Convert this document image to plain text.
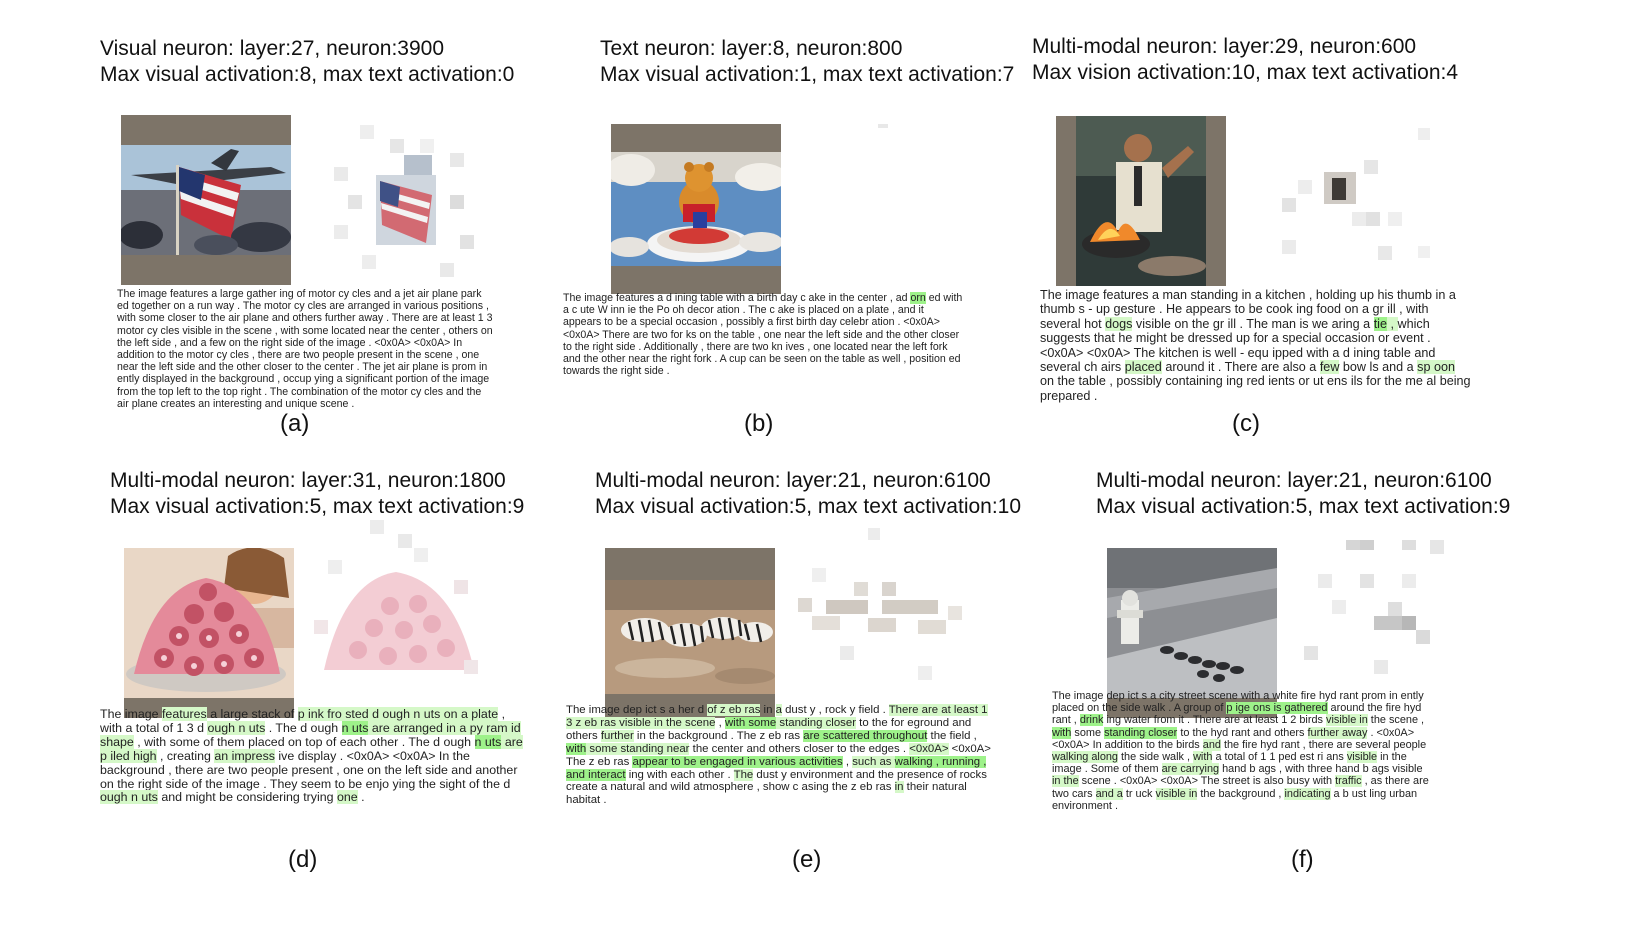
Visual neuron: layer:27, neuron:3900
Max visual activation:8, max text activation:0
The image features a large gather ing of motor cy cles and a jet air plane park ed together on a run way . The motor cy cles are arranged in various positions , with some closer to the air plane and others further away . There are at least 1 3 motor cy cles visible in the scene , with some located near the center , others on the left side , and a few on the right side of the image . <0x0A> <0x0A> In addition to the motor cy cles , there are two people present in the scene , one near the left side and the other closer to the center . The jet air plane is prom in ently displayed in the background , occup ying a significant portion of the image from the top left to the top right . The combination of the motor cy cles and the air plane creates an interesting and unique scene .
(a)
Text neuron: layer:8, neuron:800
Max visual activation:1, max text activation:7
The image features a d ining table with a birth day c ake in the center , ad orn ed with a c ute W inn ie the Po oh decor ation . The c ake is placed on a plate , and it appears to be a special occasion , possibly a first birth day celebr ation . <0x0A> <0x0A> There are two for ks on the table , one near the left side and the other closer to the right side . Additionally , there are two kn ives , one located near the left fork and the other near the right fork . A cup can be seen on the table as well , position ed towards the right side .
(b)
Multi-modal neuron: layer:29, neuron:600
Max vision activation:10, max text activation:4
The image features a man standing in a kitchen , holding up his thumb in a thumb s - up gesture . He appears to be cook ing food on a gr ill , with several hot dogs visible on the gr ill . The man is we aring a tie , which suggests that he might be dressed up for a special occasion or event . <0x0A> <0x0A> The kitchen is well - equ ipped with a d ining table and several ch airs placed around it . There are also a few bow ls and a sp oon on the table , possibly containing ing red ients or ut ens ils for the me al being prepared .
(c)
Multi-modal neuron: layer:31, neuron:1800
Max visual activation:5, max text activation:9
The image features a large stack of p ink fro sted d ough n uts on a plate , with a total of 1 3 d ough n uts . The d ough n uts are arranged in a py ram id shape , with some of them placed on top of each other . The d ough n uts are p iled high , creating an impress ive display . <0x0A> <0x0A> In the background , there are two people present , one on the left side and another on the right side of the image . They seem to be enjo ying the sight of the d ough n uts and might be considering trying one .
(d)
Multi-modal neuron: layer:21, neuron:6100
Max visual activation:5, max text activation:10
The image dep ict s a her d of z eb ras in a dust y , rock y field . There are at least 1 3 z eb ras visible in the scene , with some standing closer to the for eground and others further in the background . The z eb ras are scattered throughout the field , with some standing near the center and others closer to the edges . <0x0A> <0x0A> The z eb ras appear to be engaged in various activities , such as walking , running , and interact ing with each other . The dust y environment and the presence of rocks create a natural and wild atmosphere , show c asing the z eb ras in their natural habitat .
(e)
Multi-modal neuron: layer:21, neuron:6100
Max visual activation:5, max text activation:9
The image dep ict s a city street scene with a white fire hyd rant prom in ently placed on the side walk . A group of p ige ons is gathered around the fire hyd rant , drink ing water from it . There are at least 1 2 birds visible in the scene , with some standing closer to the hyd rant and others further away . <0x0A> <0x0A> In addition to the birds and the fire hyd rant , there are several people walking along the side walk , with a total of 1 1 ped est ri ans visible in the image . Some of them are carrying hand b ags , with three hand b ags visible in the scene . <0x0A> <0x0A> The street is also busy with traffic , as there are two cars and a tr uck visible in the background , indicating a b ust ling urban environment .
(f)
